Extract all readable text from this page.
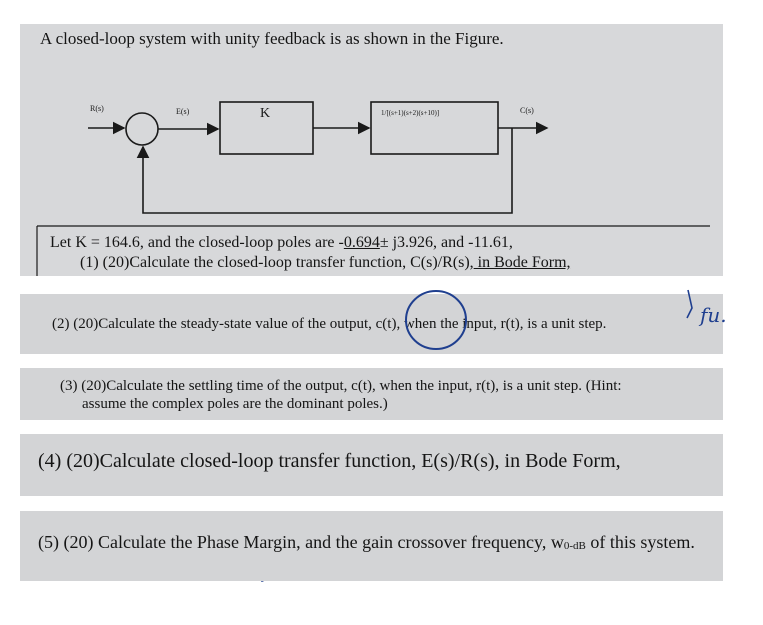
R(s)	E(s)	K	1/[(s+1)(s+2)(s+10)]	C(s)
A closed-loop system with unity feedback is as shown in the Figure.
Let K = 164.6, and the closed-loop poles are -0.694± j3.926, and -11.61,
(1) (20)Calculate the closed-loop transfer function, C(s)/R(s), in Bode Form,
(2) (20)Calculate the steady-state value of the output, c(t), when the input, r(t), is a unit step.	fu.
(3) (20)Calculate the settling time of the output, c(t), when the input, r(t), is a unit step. (Hint:
assume the complex poles are the dominant poles.)
(4) (20)Calculate closed-loop transfer function, E(s)/R(s), in Bode Form,
(5) (20) Calculate the Phase Margin, and the gain crossover frequency, w0-dB of this system.
